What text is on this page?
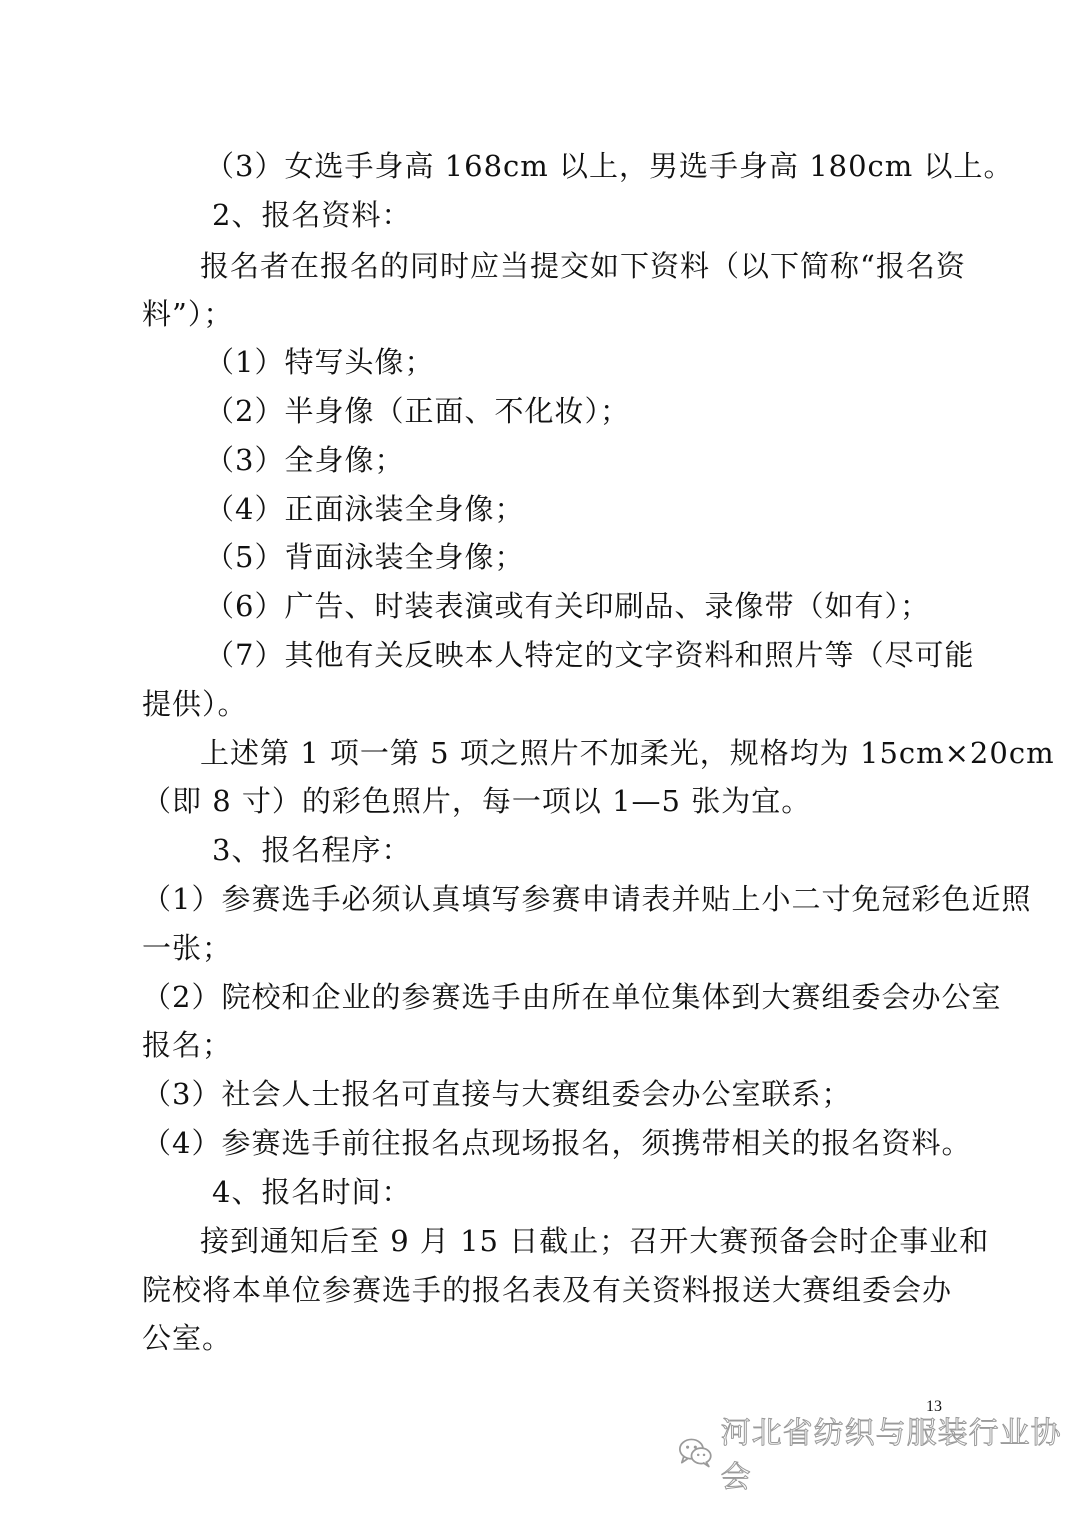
（3）女选手身高 168cm 以上，男选手身高 180cm 以上。
2、报名资料：
报名者在报名的同时应当提交如下资料（以下简称“报名资
料”）；
（1）特写头像；
（2）半身像（正面、不化妆）；
（3）全身像；
（4）正面泳装全身像；
（5）背面泳装全身像；
（6）广告、时装表演或有关印刷品、录像带（如有）；
（7）其他有关反映本人特定的文字资料和照片等（尽可能
提供）。
上述第 1 项一第 5 项之照片不加柔光，规格均为 15cm×20cm
（即 8 寸）的彩色照片，每一项以 1—5 张为宜。
3、报名程序：
（1）参赛选手必须认真填写参赛申请表并贴上小二寸免冠彩色近照
一张；
（2）院校和企业的参赛选手由所在单位集体到大赛组委会办公室
报名；
（3）社会人士报名可直接与大赛组委会办公室联系；
（4）参赛选手前往报名点现场报名，须携带相关的报名资料。
4、报名时间：
接到通知后至 9 月 15 日截止；召开大赛预备会时企事业和
院校将本单位参赛选手的报名表及有关资料报送大赛组委会办
公室。
13
河北省纺织与服装行业协会
